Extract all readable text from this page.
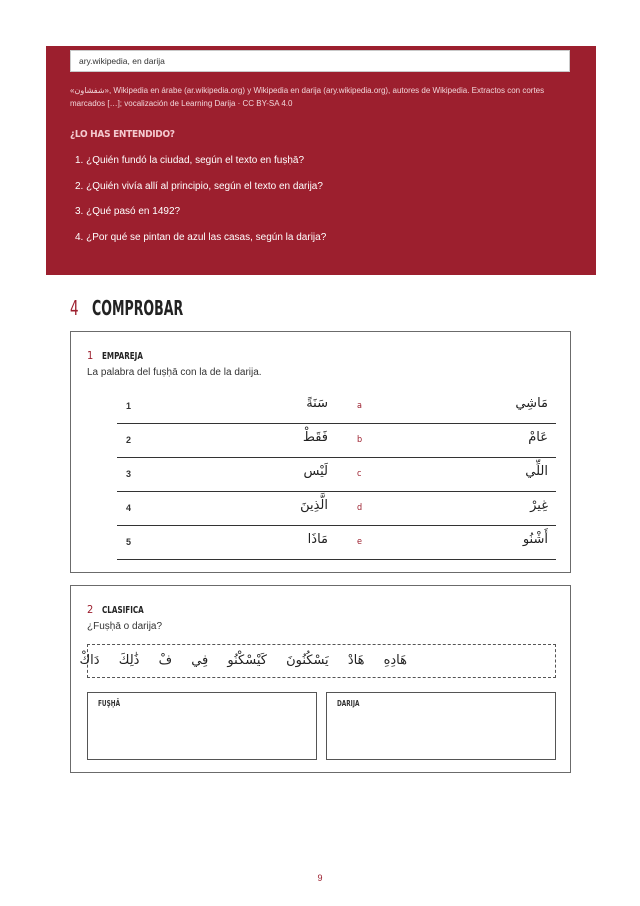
ary.wikipedia, en darija
«شفشاون», Wikipedia en árabe (ar.wikipedia.org) y Wikipedia en darija (ary.wikipedia.org), autores de Wikipedia. Extractos con cortes marcados […]; vocalización de Learning Darija · CC BY-SA 4.0
¿LO HAS ENTENDIDO?
1. ¿Quién fundó la ciudad, según el texto en fuṣḥā?
2. ¿Quién vivía allí al principio, según el texto en darija?
3. ¿Qué pasó en 1492?
4. ¿Por qué se pintan de azul las casas, según la darija?
4 COMPROBAR
1 EMPAREJA
La palabra del fuṣḥā con la de la darija.
1	سَنَةً	a	مَاشِي
2	فَقَطْ	b	عَامْ
3	لَيْس	c	اللِّي
4	الَّذِينَ	d	غِيرْ
5	مَاذَا	e	أَشْنُو
2 CLASIFICA
¿Fuṣḥā o darija?
هَادِهِ هَادْ يَسْكُنُونَ كَيْسْكْنُو فِي فْ ذَٰلِكَ دَاكْ
FUṢḤĀ	DARIJA
9
